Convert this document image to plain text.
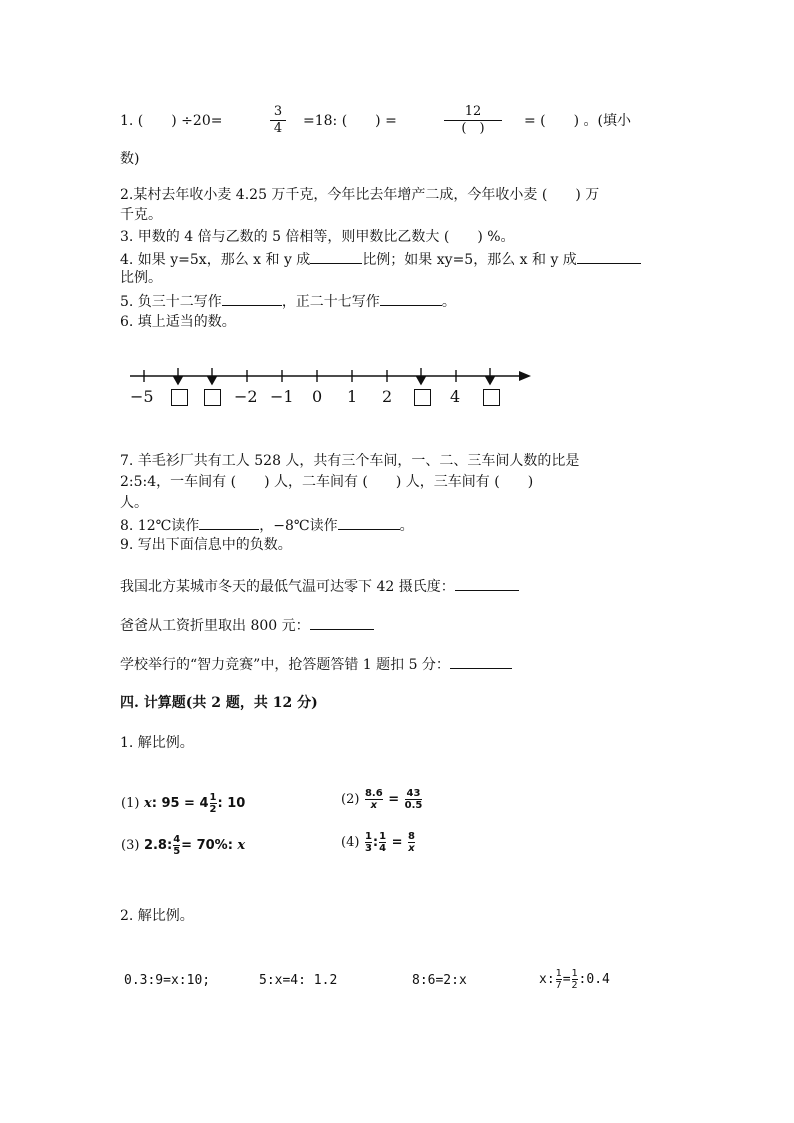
1. (　　) ÷20=
3
4 =18: (　　) =
12
(　)	= (　　) 。(填小
数)
2.某村去年收小麦 4.25 万千克，今年比去年增产二成，今年收小麦 (　　) 万
千克。
3. 甲数的 4 倍与乙数的 5 倍相等，则甲数比乙数大 (　　) %。
4. 如果 y=5x，那么 x 和 y 成	比例；如果 xy=5，那么 x 和 y 成
比例。
5. 负三十二写作	，正二十七写作	。
6. 填上适当的数。
−5	−2 −1 0 1 2	4
7. 羊毛衫厂共有工人 528 人，共有三个车间，一、二、三车间人数的比是
2:5:4，一车间有 (　　) 人，二车间有 (　　) 人，三车间有 (　　)
人。
8. 12℃读作	，−8℃读作	。
9. 写出下面信息中的负数。
我国北方某城市冬天的最低气温可达零下 42 摄氏度：
爸爸从工资折里取出 800 元：
学校举行的“智力竞赛”中，抢答题答错 1 题扣 5 分：
四. 计算题(共 2 题，共 12 分)
1. 解比例。
(1) x: $95 = 4 \frac{1}{2}$ : 10	$(2) \frac{8.6}{x} = \frac{43}{0.5}$
(3) 2.8: $\frac{4}{5} = 70\%$: x	$(4) \frac{1}{3}$ : $\frac{1}{4} = \frac{8}{x}$
2. 解比例。
0.3:9=x:10;	5:x=4: 1.2	8:6=2:x	x: $\frac{1}{7} = \frac{1}{2}$ :0.4
